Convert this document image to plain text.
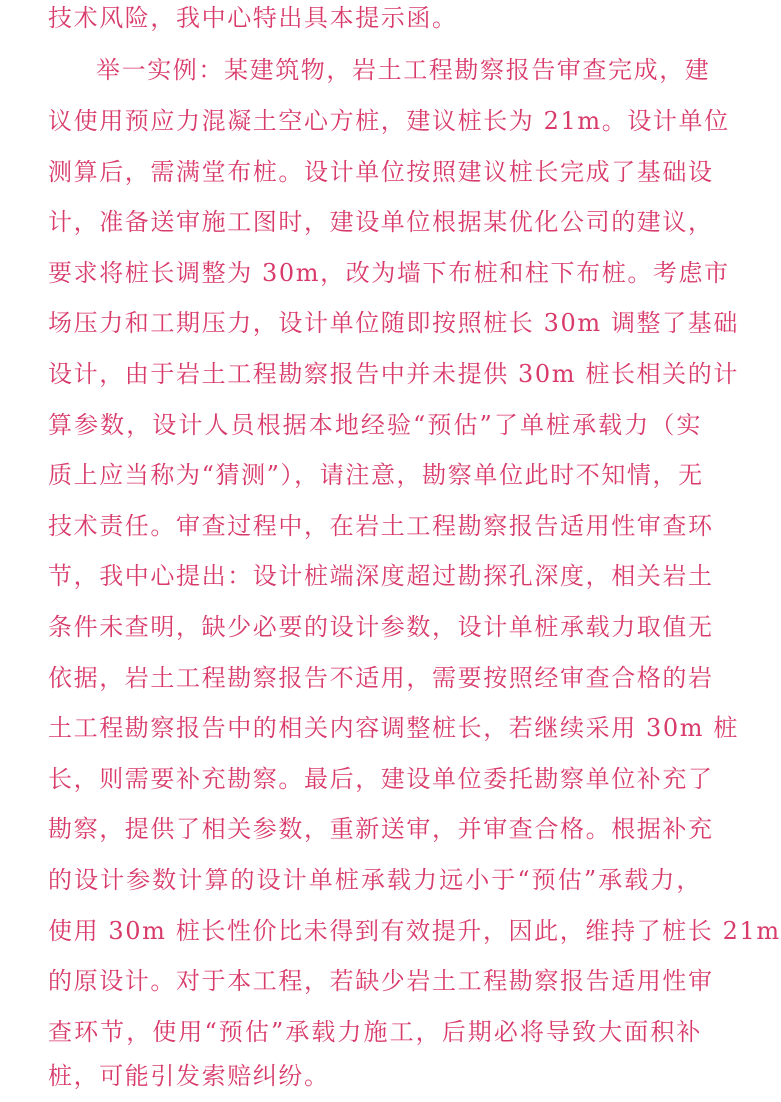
技术风险，我中心特出具本提示函。

举一实例：某建筑物，岩土工程勘察报告审查完成，建

议使用预应力混凝土空心方桩，建议桩长为 21m。设计单位

测算后，需满堂布桩。设计单位按照建议桩长完成了基础设

计，准备送审施工图时，建设单位根据某优化公司的建议，

要求将桩长调整为 30m，改为墙下布桩和柱下布桩。考虑市

场压力和工期压力，设计单位随即按照桩长 30m 调整了基础

设计，由于岩土工程勘察报告中并未提供 30m 桩长相关的计

算参数，设计人员根据本地经验“预估”了单桩承载力（实

质上应当称为“猜测”），请注意，勘察单位此时不知情，无

技术责任。审查过程中，在岩土工程勘察报告适用性审查环

节，我中心提出：设计桩端深度超过勘探孔深度，相关岩土

条件未查明，缺少必要的设计参数，设计单桩承载力取值无

依据，岩土工程勘察报告不适用，需要按照经审查合格的岩

土工程勘察报告中的相关内容调整桩长，若继续采用 30m 桩

长，则需要补充勘察。最后，建设单位委托勘察单位补充了

勘察，提供了相关参数，重新送审，并审查合格。根据补充

的设计参数计算的设计单桩承载力远小于“预估”承载力，

使用 30m 桩长性价比未得到有效提升，因此，维持了桩长 21m

的原设计。对于本工程，若缺少岩土工程勘察报告适用性审

查环节，使用“预估”承载力施工，后期必将导致大面积补

桩，可能引发索赔纠纷。
